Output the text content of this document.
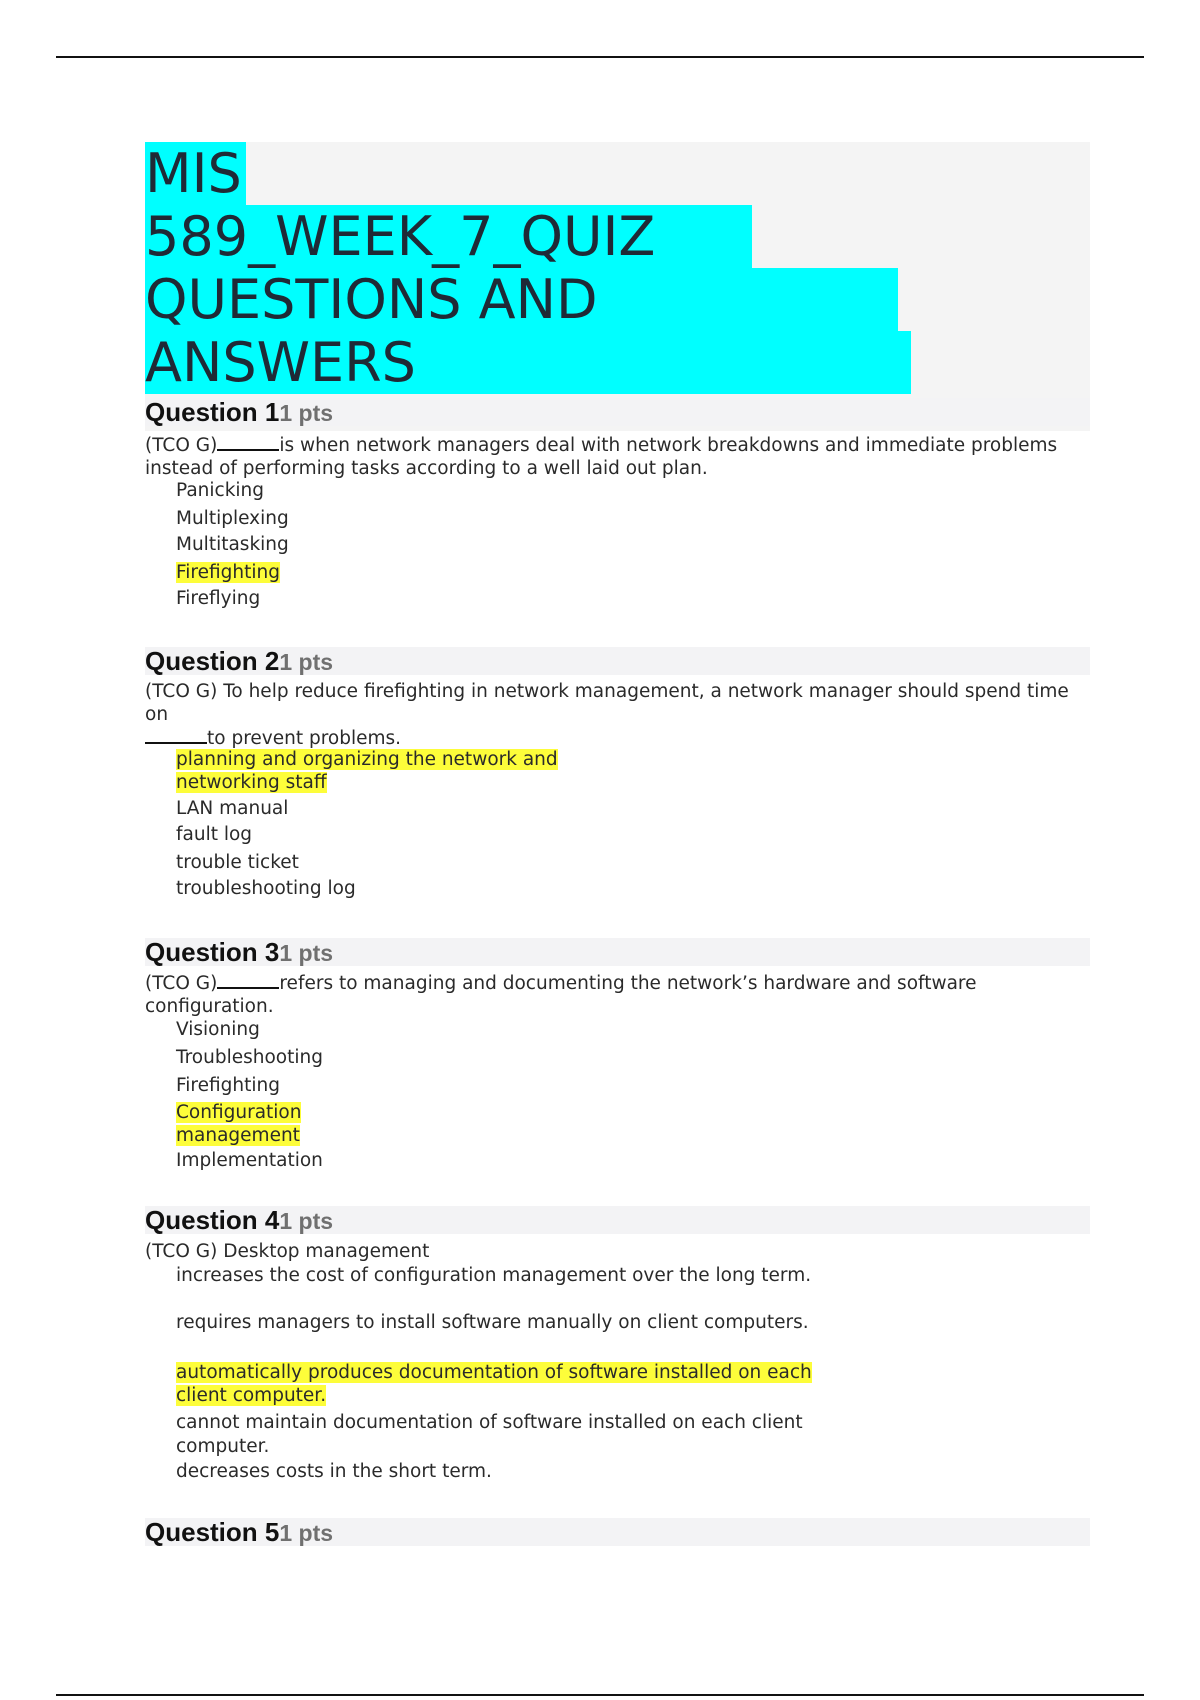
MIS
589_WEEK_7_QUIZ
QUESTIONS AND
ANSWERS
Question 11 pts
(TCO G)	is when network managers deal with network breakdowns and immediate problems instead of performing tasks according to a well laid out plan.
Panicking
Multiplexing
Multitasking
Firefighting
Fireflying
Question 21 pts
(TCO G) To help reduce firefighting in network management, a network manager should spend time on
to prevent problems.
planning and organizing the network and networking staff
LAN manual
fault log
trouble ticket
troubleshooting log
Question 31 pts
(TCO G)	refers to managing and documenting the network’s hardware and software configuration.
Visioning
Troubleshooting
Firefighting
Configuration management
Implementation
Question 41 pts
(TCO G) Desktop management
increases the cost of configuration management over the long term.
requires managers to install software manually on client computers.
automatically produces documentation of software installed on each client computer.
cannot maintain documentation of software installed on each client computer.
decreases costs in the short term.
Question 51 pts
